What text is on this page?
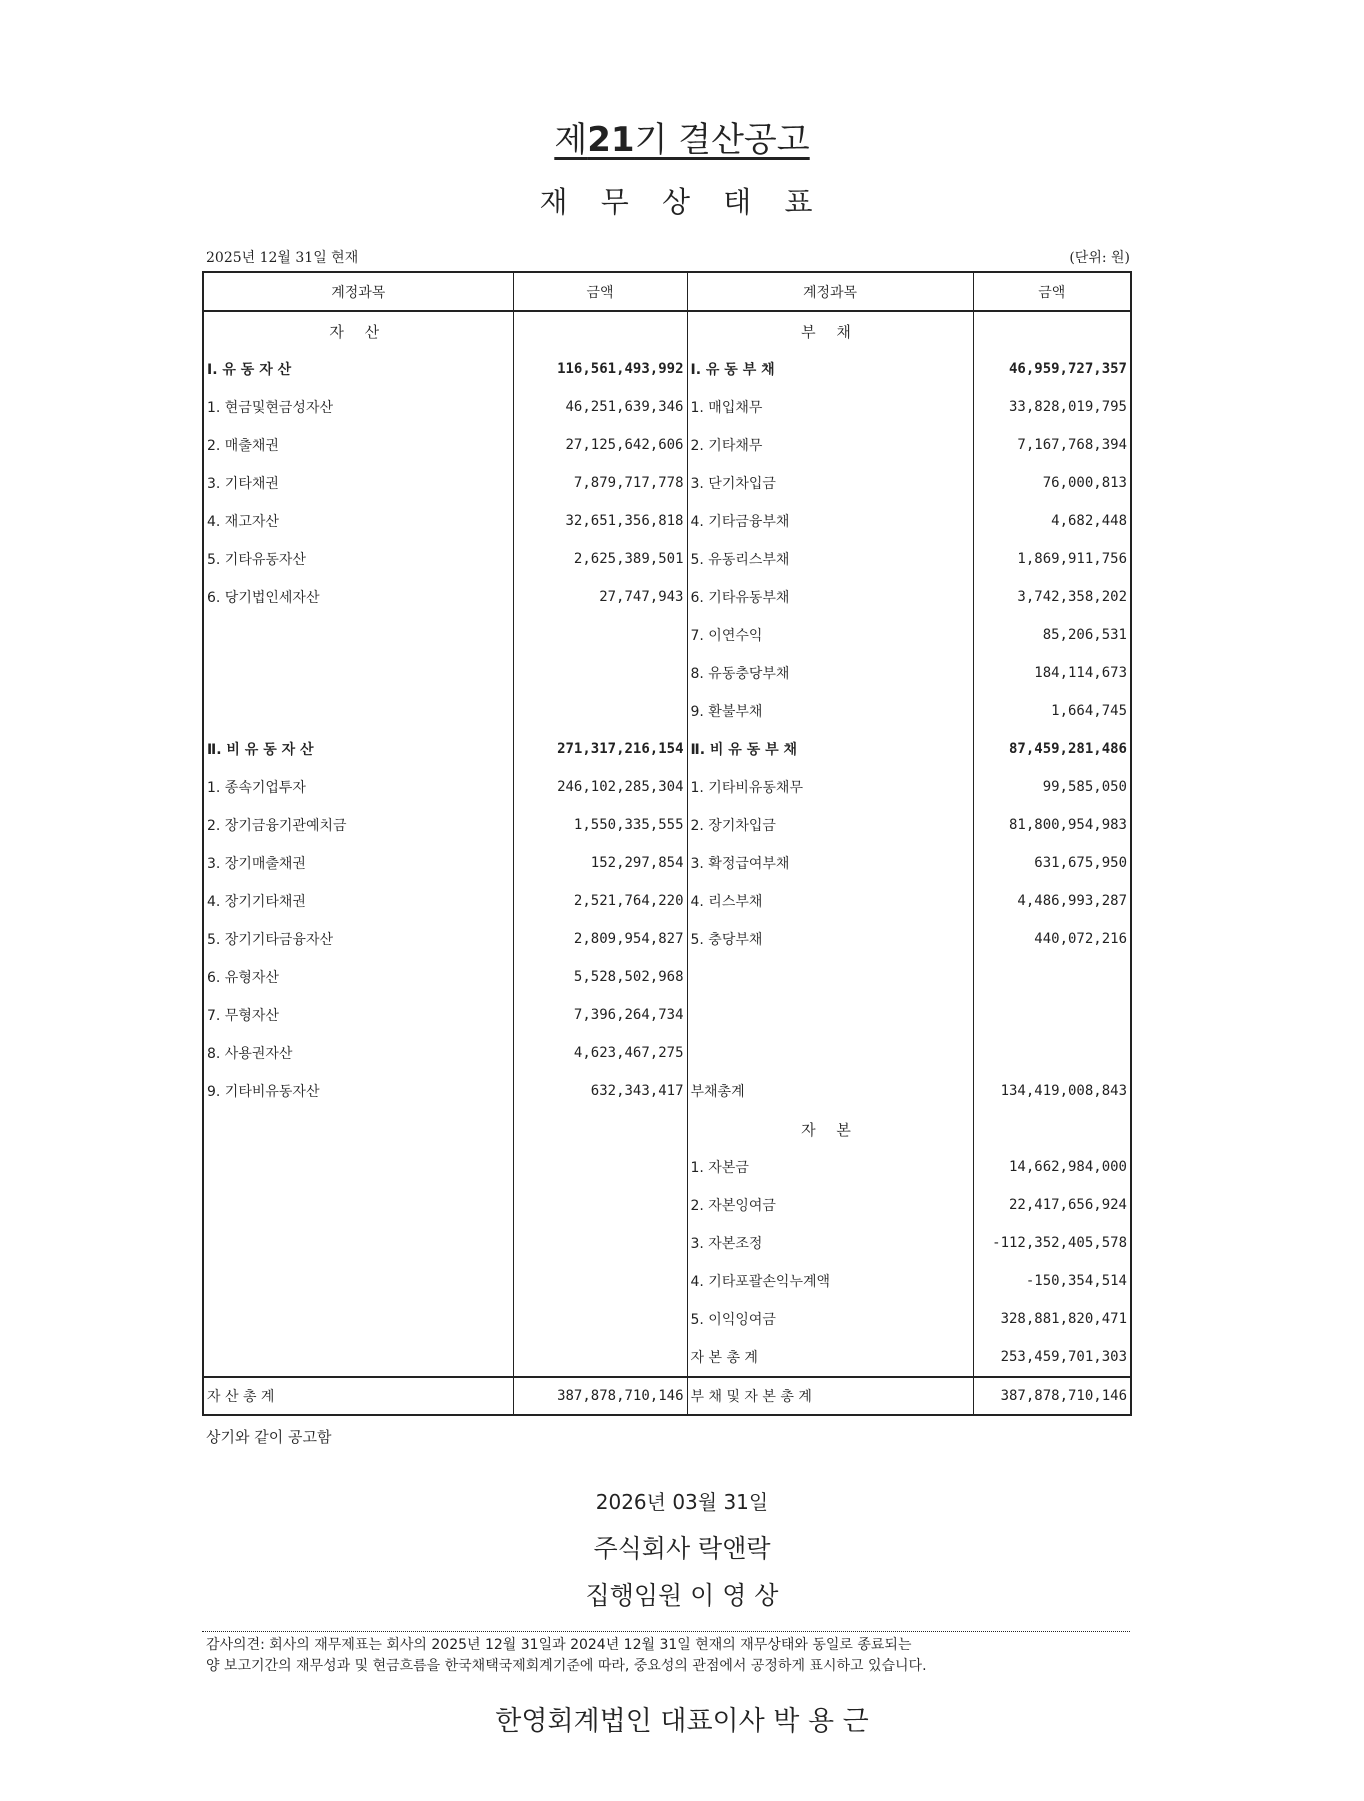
제21기 결산공고
재 무 상 태 표
2025년 12월 31일 현재	(단위: 원)
계정과목	금액	계정과목	금액
자 산		부 채	
Ⅰ. 유 동 자 산	116,561,493,992	Ⅰ. 유 동 부 채	46,959,727,357
1. 현금및현금성자산	46,251,639,346	1. 매입채무	33,828,019,795
2. 매출채권	27,125,642,606	2. 기타채무	7,167,768,394
3. 기타채권	7,879,717,778	3. 단기차입금	76,000,813
4. 재고자산	32,651,356,818	4. 기타금융부채	4,682,448
5. 기타유동자산	2,625,389,501	5. 유동리스부채	1,869,911,756
6. 당기법인세자산	27,747,943	6. 기타유동부채	3,742,358,202
		7. 이연수익	85,206,531
		8. 유동충당부채	184,114,673
		9. 환불부채	1,664,745
Ⅱ. 비 유 동 자 산	271,317,216,154	Ⅱ. 비 유 동 부 채	87,459,281,486
1. 종속기업투자	246,102,285,304	1. 기타비유동채무	99,585,050
2. 장기금융기관예치금	1,550,335,555	2. 장기차입금	81,800,954,983
3. 장기매출채권	152,297,854	3. 확정급여부채	631,675,950
4. 장기기타채권	2,521,764,220	4. 리스부채	4,486,993,287
5. 장기기타금융자산	2,809,954,827	5. 충당부채	440,072,216
6. 유형자산	5,528,502,968		
7. 무형자산	7,396,264,734		
8. 사용권자산	4,623,467,275		
9. 기타비유동자산	632,343,417	부채총계	134,419,008,843
		자 본	
		1. 자본금	14,662,984,000
		2. 자본잉여금	22,417,656,924
		3. 자본조정	-112,352,405,578
		4. 기타포괄손익누계액	-150,354,514
		5. 이익잉여금	328,881,820,471
		자 본 총 계	253,459,701,303
자 산 총 계	387,878,710,146	부 채 및 자 본 총 계	387,878,710,146
상기와 같이 공고함
2026년 03월 31일
주식회사 락앤락
집행임원 이 영 상
감사의견: 회사의 재무제표는 회사의 2025년 12월 31일과 2024년 12월 31일 현재의 재무상태와 동일로 종료되는
양 보고기간의 재무성과 및 현금흐름을 한국채택국제회계기준에 따라, 중요성의 관점에서 공정하게 표시하고 있습니다.
한영회계법인 대표이사 박 용 근
